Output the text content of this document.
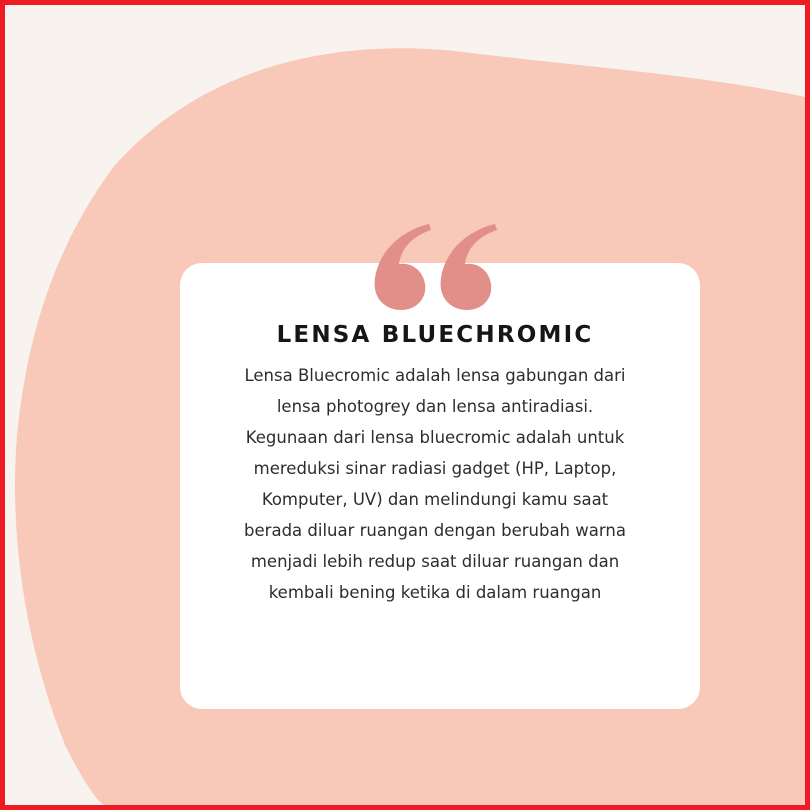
LENSA BLUECHROMIC

Lensa Bluecromic adalah lensa gabungan dari
lensa photogrey dan lensa antiradiasi.
Kegunaan dari lensa bluecromic adalah untuk
mereduksi sinar radiasi gadget (HP, Laptop,
Komputer, UV) dan melindungi kamu saat
berada diluar ruangan dengan berubah warna
menjadi lebih redup saat diluar ruangan dan
kembali bening ketika di dalam ruangan
